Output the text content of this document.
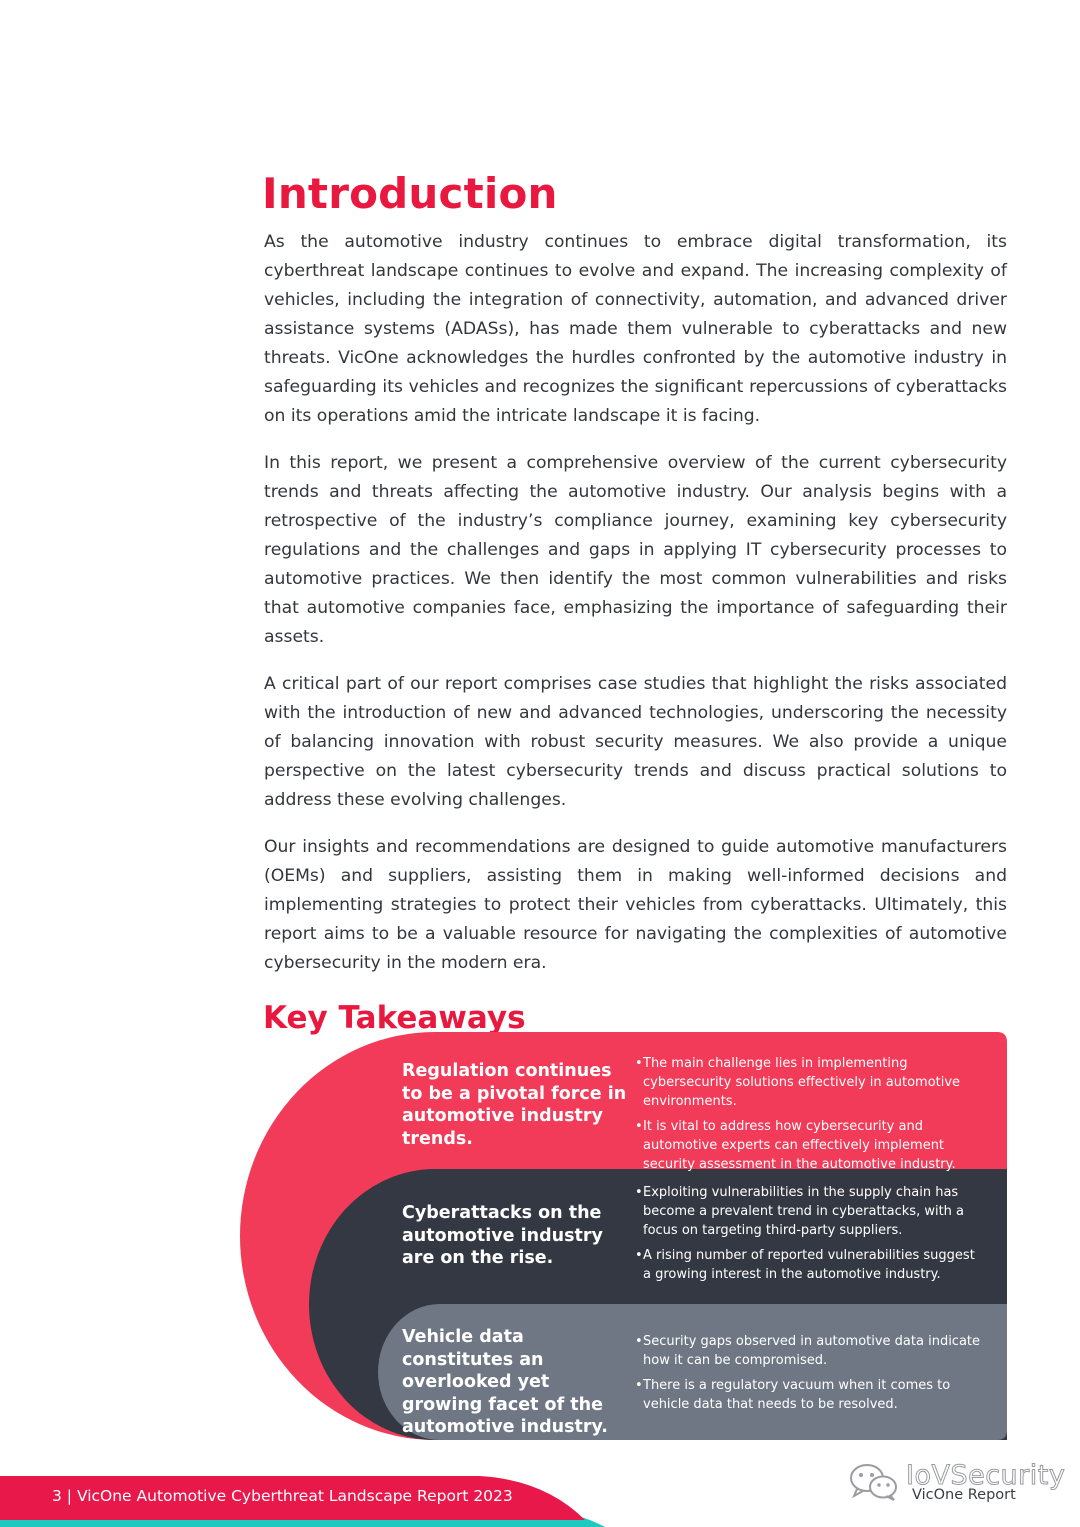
Introduction

As the automotive industry continues to embrace digital transformation, its cyberthreat landscape continues to evolve and expand. The increasing complexity of vehicles, including the integration of connectivity, automation, and advanced driver assistance systems (ADASs), has made them vulnerable to cyberattacks and new threats. VicOne acknowledges the hurdles confronted by the automotive industry in safeguarding its vehicles and recognizes the significant repercussions of cyberattacks on its operations amid the intricate landscape it is facing.

In this report, we present a comprehensive overview of the current cybersecurity trends and threats affecting the automotive industry. Our analysis begins with a retrospective of the industry’s compliance journey, examining key cybersecurity regulations and the challenges and gaps in applying IT cybersecurity processes to automotive practices. We then identify the most common vulnerabilities and risks that automotive companies face, emphasizing the importance of safeguarding their assets.

A critical part of our report comprises case studies that highlight the risks associated with the introduction of new and advanced technologies, underscoring the necessity of balancing innovation with robust security measures. We also provide a unique perspective on the latest cybersecurity trends and discuss practical solutions to address these evolving challenges.

Our insights and recommendations are designed to guide automotive manufacturers (OEMs) and suppliers, assisting them in making well-informed decisions and implementing strategies to protect their vehicles from cyberattacks. Ultimately, this report aims to be a valuable resource for navigating the complexities of automotive cybersecurity in the modern era.

Key Takeaways
Regulation continues to be a pivotal force in automotive industry trends.
• The main challenge lies in implementing cybersecurity solutions effectively in automotive environments.
• It is vital to address how cybersecurity and automotive experts can effectively implement security assessment in the automotive industry.
Cyberattacks on the automotive industry are on the rise.
• Exploiting vulnerabilities in the supply chain has become a prevalent trend in cyberattacks, with a focus on targeting third-party suppliers.
• A rising number of reported vulnerabilities suggest a growing interest in the automotive industry.
Vehicle data constitutes an overlooked yet growing facet of the automotive industry.
• Security gaps observed in automotive data indicate how it can be compromised.
• There is a regulatory vacuum when it comes to vehicle data that needs to be resolved.
3 | VicOne Automotive Cyberthreat Landscape Report 2023
IoVSecurity
VicOne Report
